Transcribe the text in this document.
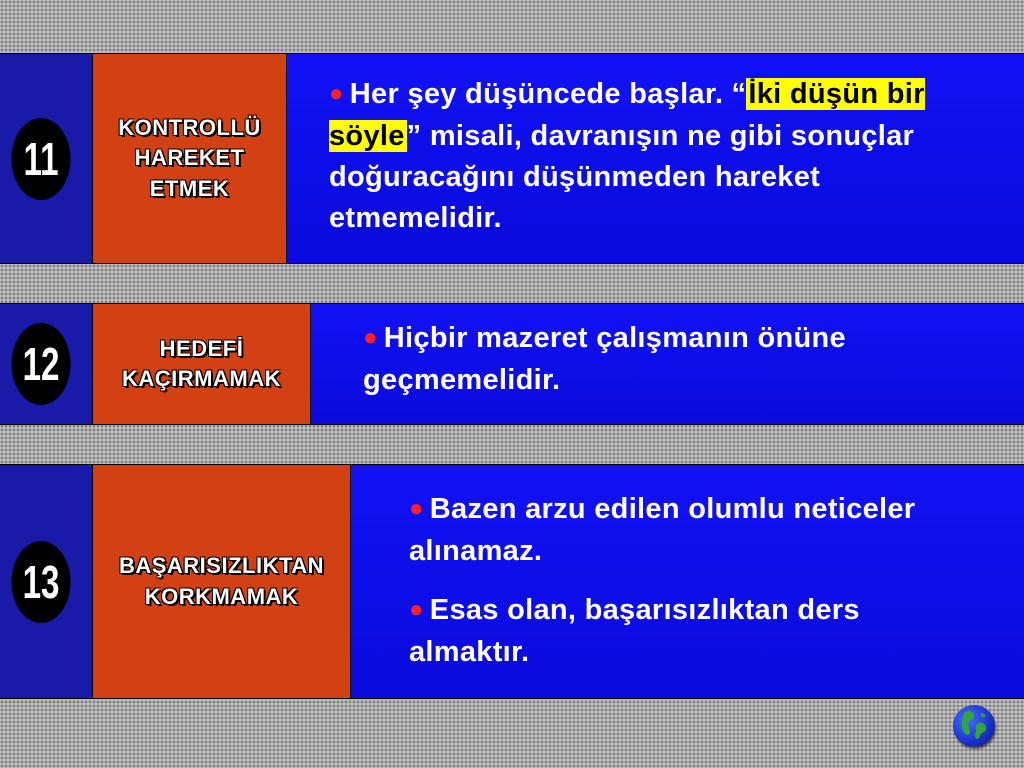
11
KONTROLLÜ
HAREKET
ETMEK

● Her şey düşüncede başlar. “İki düşün bir söyle” misali, davranışın ne gibi sonuçlar doğuracağını düşünmeden hareket etmemelidir.

12	HEDEFİ
KAÇIRMAMAK

● Hiçbir mazeret çalışmanın önüne geçmemelidir.

13	BAŞARISIZLIKTAN
KORKMAMAK

● Bazen arzu edilen olumlu neticeler alınamaz.

● Esas olan, başarısızlıktan ders almaktır.
